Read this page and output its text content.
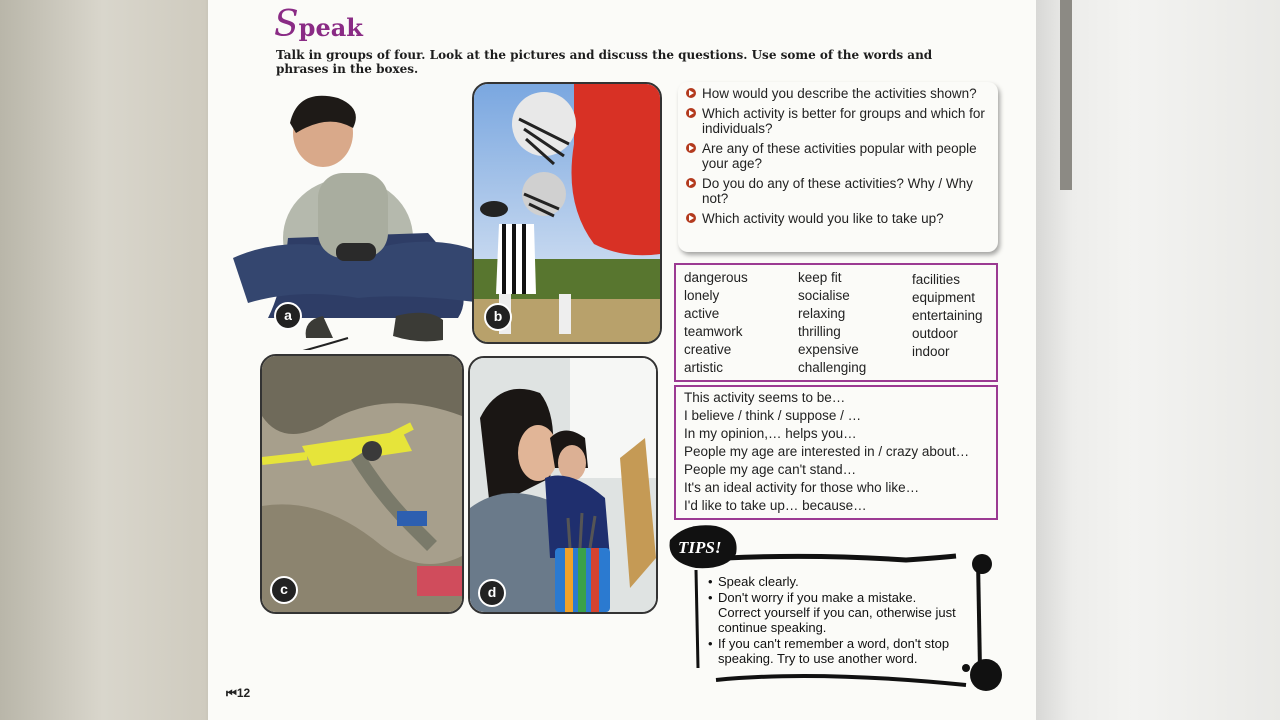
Speak
Talk in groups of four. Look at the pictures and discuss the questions. Use some of the words and phrases in the boxes.
a	b
c	d
How would you describe the activities shown?
Which activity is better for groups and which for individuals?
Are any of these activities popular with people your age?
Do you do any of these activities? Why / Why not?
Which activity would you like to take up?
dangerous
lonely
active
teamwork
creative
artistic
keep fit
socialise
relaxing
thrilling
expensive
challenging
facilities
equipment
entertaining
outdoor
indoor
This activity seems to be…
I believe / think / suppose / …
In my opinion,… helps you…
People my age are interested in / crazy about…
People my age can't stand…
It's an ideal activity for those who like…
I'd like to take up… because…
TIPS!
• Speak clearly.
• Don't worry if you make a mistake. Correct yourself if you can, otherwise just continue speaking.
• If you can't remember a word, don't stop speaking. Try to use another word.
⏮12
